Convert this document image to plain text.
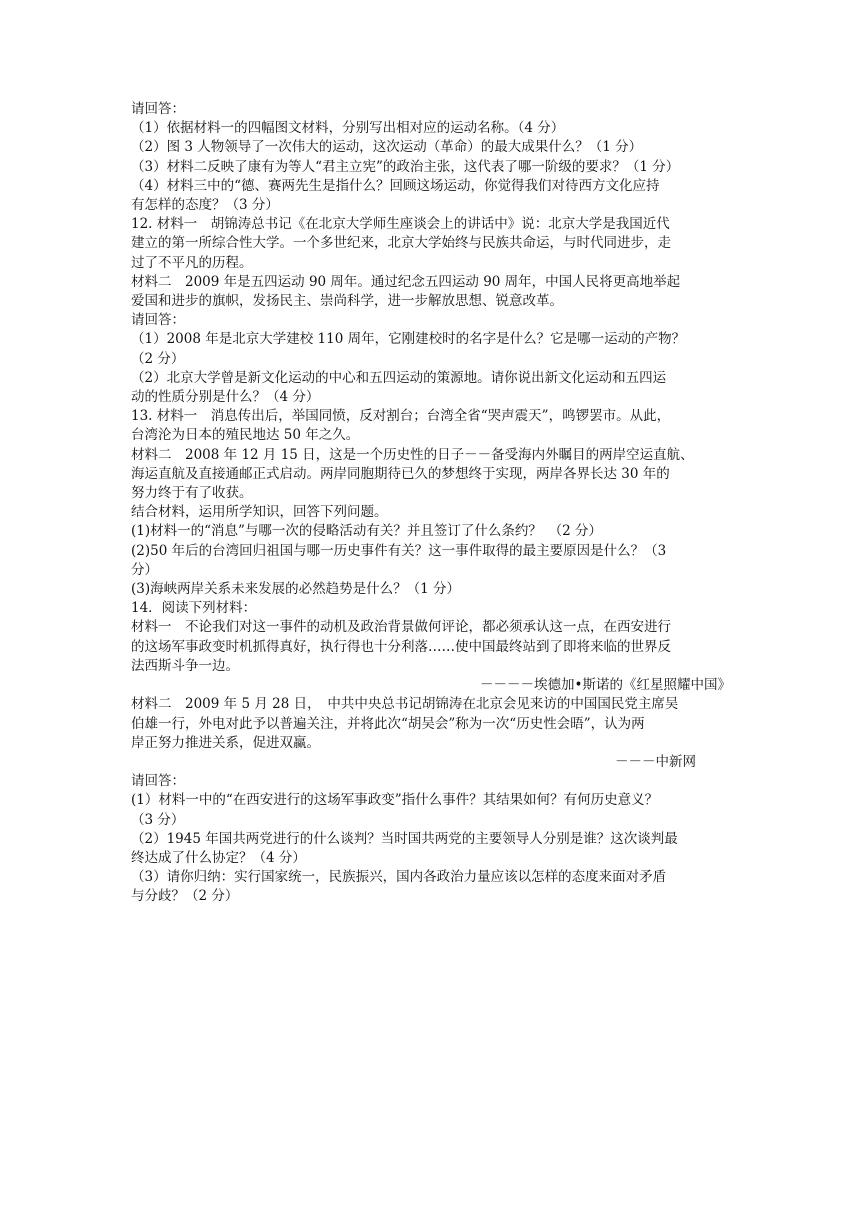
请回答：
（1）依据材料一的四幅图文材料，分别写出相对应的运动名称。（4 分）
（2）图 3 人物领导了一次伟大的运动，这次运动（革命）的最大成果什么？（1 分）
（3）材料二反映了康有为等人“君主立宪”的政治主张，这代表了哪一阶级的要求？（1 分）
（4）材料三中的“德、赛两先生是指什么？回顾这场运动，你觉得我们对待西方文化应持
有怎样的态度？（3 分）
12. 材料一　胡锦涛总书记《在北京大学师生座谈会上的讲话中》说：北京大学是我国近代
建立的第一所综合性大学。一个多世纪来，北京大学始终与民族共命运，与时代同进步，走
过了不平凡的历程。
材料二　2009 年是五四运动 90 周年。通过纪念五四运动 90 周年，中国人民将更高地举起
爱国和进步的旗帜，发扬民主、崇尚科学，进一步解放思想、锐意改革。
请回答：
（1）2008 年是北京大学建校 110 周年，它刚建校时的名字是什么？它是哪一运动的产物？
（2 分）
（2）北京大学曾是新文化运动的中心和五四运动的策源地。请你说出新文化运动和五四运
动的性质分别是什么？（4 分）
13. 材料一　消息传出后，举国同愤，反对割台；台湾全省“哭声震天”，鸣锣罢市。从此，
台湾沦为日本的殖民地达 50 年之久。
材料二　2008 年 12 月 15 日，这是一个历史性的日子－－备受海内外瞩目的两岸空运直航、
海运直航及直接通邮正式启动。两岸同胞期待已久的梦想终于实现，两岸各界长达 30 年的
努力终于有了收获。
结合材料，运用所学知识，回答下列问题。
(1)材料一的“消息”与哪一次的侵略活动有关？并且签订了什么条约？　（2 分）
(2)50 年后的台湾回归祖国与哪一历史事件有关？这一事件取得的最主要原因是什么？（3
分）
(3)海峡两岸关系未来发展的必然趋势是什么？（1 分）
14．阅读下列材料：
材料一　不论我们对这一事件的动机及政治背景做何评论，都必须承认这一点，在西安进行
的这场军事政变时机抓得真好，执行得也十分利落……使中国最终站到了即将来临的世界反
法西斯斗争一边。
－－－－埃德加•斯诺的《红星照耀中国》
材料二　2009 年 5 月 28 日，　中共中央总书记胡锦涛在北京会见来访的中国国民党主席吴
伯雄一行，外电对此予以普遍关注，并将此次“胡吴会”称为一次“历史性会晤”，认为两
岸正努力推进关系，促进双赢。
－－－中新网
请回答：
(1）材料一中的“在西安进行的这场军事政变”指什么事件？其结果如何？有何历史意义？
（3 分）
（2）1945 年国共两党进行的什么谈判？当时国共两党的主要领导人分别是谁？这次谈判最
终达成了什么协定？（4 分）
（3）请你归纳：实行国家统一，民族振兴，国内各政治力量应该以怎样的态度来面对矛盾
与分歧？（2 分）
